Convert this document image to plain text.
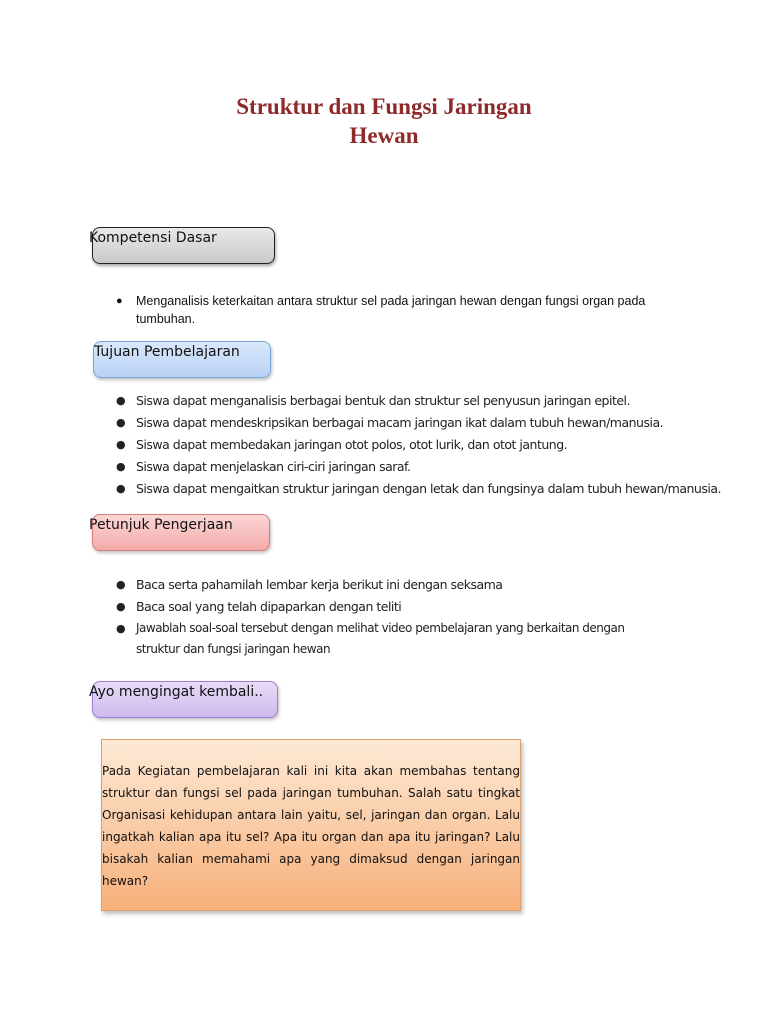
Struktur dan Fungsi Jaringan
Hewan
Kompetensi Dasar
● Menganalisis keterkaitan antara struktur sel pada jaringan hewan dengan fungsi organ pada tumbuhan.
Tujuan Pembelajaran
● Siswa dapat menganalisis berbagai bentuk dan struktur sel penyusun jaringan epitel.
● Siswa dapat mendeskripsikan berbagai macam jaringan ikat dalam tubuh hewan/manusia.
● Siswa dapat membedakan jaringan otot polos, otot lurik, dan otot jantung.
● Siswa dapat menjelaskan ciri-ciri jaringan saraf.
● Siswa dapat mengaitkan struktur jaringan dengan letak dan fungsinya dalam tubuh hewan/manusia.
Petunjuk Pengerjaan
● Baca serta pahamilah lembar kerja berikut ini dengan seksama
● Baca soal yang telah dipaparkan dengan teliti
● Jawablah soal-soal tersebut dengan melihat video pembelajaran yang berkaitan dengan struktur dan fungsi jaringan hewan
Ayo mengingat kembali..

Pada Kegiatan pembelajaran kali ini kita akan membahas tentang struktur dan fungsi sel pada jaringan tumbuhan. Salah satu tingkat Organisasi kehidupan antara lain yaitu, sel, jaringan dan organ. Lalu ingatkah kalian apa itu sel? Apa itu organ dan apa itu jaringan? Lalu bisakah kalian memahami apa yang dimaksud dengan jaringan hewan?
